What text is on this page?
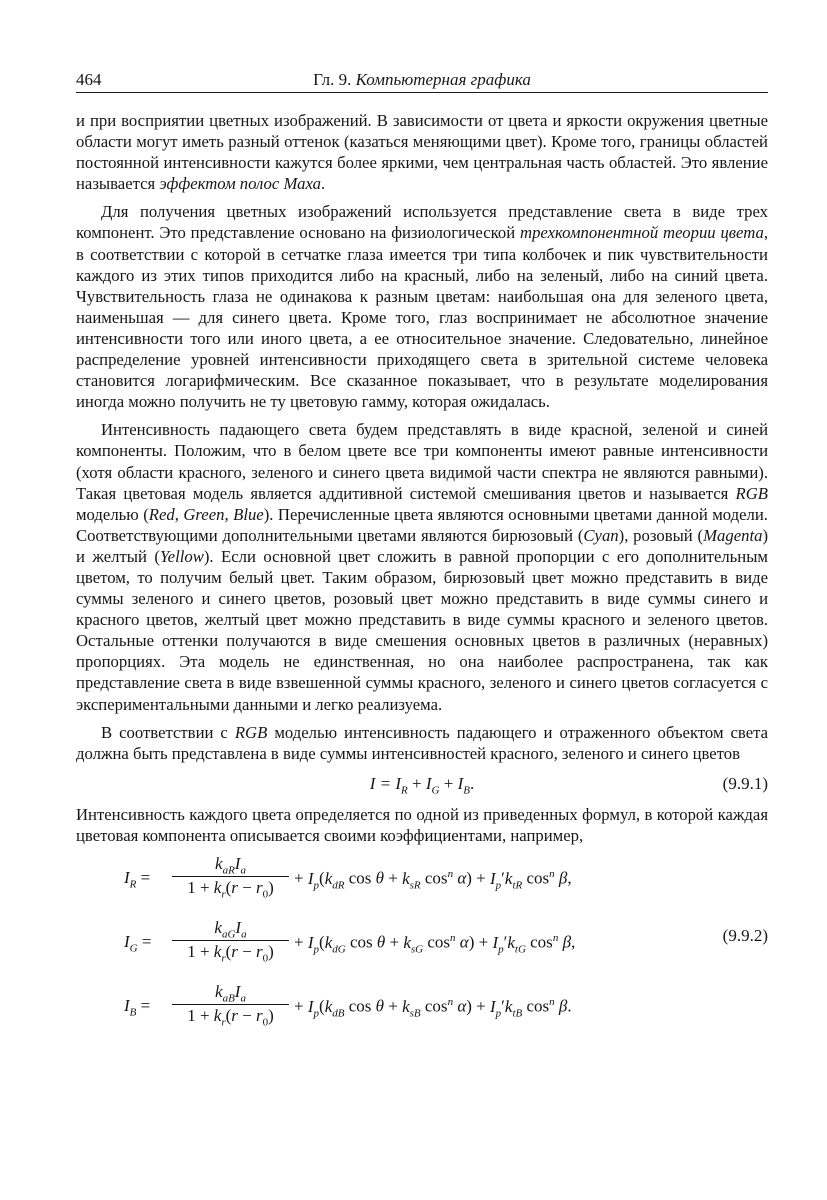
464	Гл. 9. Компьютерная графика

и при восприятии цветных изображений. В зависимости от цвета и яркости окружения цветные области могут иметь разный оттенок (казаться меняющими цвет). Кроме того, границы областей постоянной интенсивности кажутся более яркими, чем центральная часть областей. Это явление называется эффектом полос Маха.

Для получения цветных изображений используется представление света в виде трех компонент. Это представление основано на физиологической трехкомпонентной теории цвета, в соответствии с которой в сетчатке глаза имеется три типа колбочек и пик чувствительности каждого из этих типов приходится либо на красный, либо на зеленый, либо на синий цвета. Чувствительность глаза не одинакова к разным цветам: наибольшая она для зеленого цвета, наименьшая — для синего цвета. Кроме того, глаз воспринимает не абсолютное значение интенсивности того или иного цвета, а ее относительное значение. Следовательно, линейное распределение уровней интенсивности приходящего света в зрительной системе человека становится логарифмическим. Все сказанное показывает, что в результате моделирования иногда можно получить не ту цветовую гамму, которая ожидалась.

Интенсивность падающего света будем представлять в виде красной, зеленой и синей компоненты. Положим, что в белом цвете все три компоненты имеют равные интенсивности (хотя области красного, зеленого и синего цвета видимой части спектра не являются равными). Такая цветовая модель является аддитивной системой смешивания цветов и называется RGB моделью (Red, Green, Blue). Перечисленные цвета являются основными цветами данной модели. Соответствующими дополнительными цветами являются бирюзовый (Cyan), розовый (Magenta) и желтый (Yellow). Если основной цвет сложить в равной пропорции с его дополнительным цветом, то получим белый цвет. Таким образом, бирюзовый цвет можно представить в виде суммы зеленого и синего цветов, розовый цвет можно представить в виде суммы синего и красного цветов, желтый цвет можно представить в виде суммы красного и зеленого цветов. Остальные оттенки получаются в виде смешения основных цветов в различных (неравных) пропорциях. Эта модель не единственная, но она наиболее распространена, так как представление света в виде взвешенной суммы красного, зеленого и синего цветов согласуется с экспериментальными данными и легко реализуема.

В соответствии с RGB моделью интенсивность падающего и отраженного объектом света должна быть представлена в виде суммы интенсивностей красного, зеленого и синего цветов

$I = I_R + I_G + I_B$.	(9.9.1)

Интенсивность каждого цвета определяется по одной из приведенных формул, в которой каждая цветовая компонента описывается своими коэффициентами, например,

$I_R$ =
$k_{aR}I_a$
$1 + k_r(r - r_0)$	+ $I_p(k_{dR}$ $\cos \theta + k_{sR}$ $\cos^n \alpha) + I_p'k_{tR}$ $\cos^n \beta$,
$I_G$ =
$k_{aG}I_a$
$1 + k_r(r - r_0)$	+ $I_p(k_{dG}$ $\cos \theta + k_{sG}$ $\cos^n \alpha) + I_p'k_{tG}$ $\cos^n \beta$,
$I_B$ =
$k_{aB}I_a$
$1 + k_r(r - r_0)$	+ $I_p(k_{dB}$ $\cos \theta + k_{sB}$ $\cos^n \alpha) + I_p'k_{tB}$ $\cos^n \beta$.
(9.9.2)
